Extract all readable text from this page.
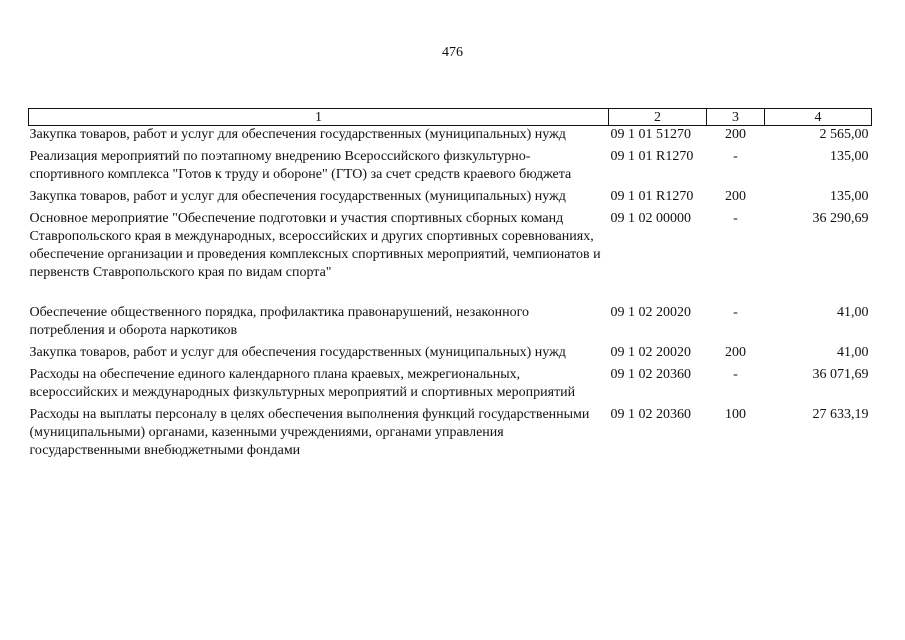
476
1	2	3	4
Закупка товаров, работ и услуг для обеспечения государственных (муниципальных) нужд	09 1 01 51270	200	2 565,00
Реализация мероприятий по поэтапному внедрению Всероссийского физкультурно-спортивного комплекса "Готов к труду и обороне" (ГТО) за счет средств краевого бюджета	09 1 01 R1270	-	135,00
Закупка товаров, работ и услуг для обеспечения государственных (муниципальных) нужд	09 1 01 R1270	200	135,00
Основное мероприятие "Обеспечение подготовки и участия спортивных сборных команд Ставропольского края в международных, всероссийских и других спортивных соревнованиях, обеспечение организации и проведения комплексных спортивных мероприятий, чемпионатов и первенств Ставропольского края по видам спорта"	09 1 02 00000	-	36 290,69
Обеспечение общественного порядка, профилактика правонарушений, незаконного потребления и оборота наркотиков	09 1 02 20020	-	41,00
Закупка товаров, работ и услуг для обеспечения государственных (муниципальных) нужд	09 1 02 20020	200	41,00
Расходы на обеспечение единого календарного плана краевых, межрегиональных, всероссийских и международных физкультурных мероприятий и спортивных мероприятий	09 1 02 20360	-	36 071,69
Расходы на выплаты персоналу в целях обеспечения выполнения функций государственными (муниципальными) органами, казенными учреждениями, органами управления государственными внебюджетными фондами	09 1 02 20360	100	27 633,19
